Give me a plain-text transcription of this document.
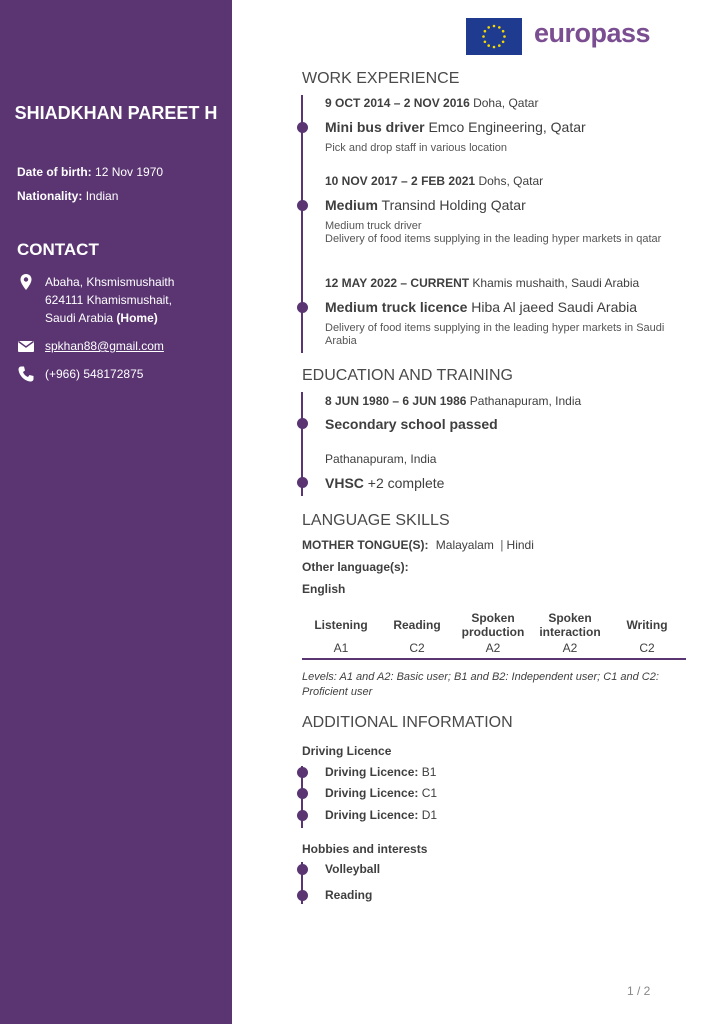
SHIADKHAN PAREET H
Date of birth: 12 Nov 1970
Nationality: Indian
CONTACT
Abaha, Khsmismushaith
624111 Khamismushait,
Saudi Arabia (Home)
spkhan88@gmail.com
(+966) 548172875
europass
WORK EXPERIENCE
9 OCT 2014 – 2 NOV 2016 Doha, Qatar
Mini bus driver Emco Engineering, Qatar
Pick and drop staff in various location
10 NOV 2017 – 2 FEB 2021 Dohs, Qatar
Medium Transind Holding Qatar
Medium truck driver
Delivery of food items supplying in the leading hyper markets in qatar
12 MAY 2022 – CURRENT Khamis mushaith, Saudi Arabia
Medium truck licence Hiba Al jaeed Saudi Arabia
Delivery of food items supplying in the leading hyper markets in Saudi Arabia
EDUCATION AND TRAINING
8 JUN 1980 – 6 JUN 1986 Pathanapuram, India
Secondary school passed
Pathanapuram, India
VHSC +2 complete
LANGUAGE SKILLS
MOTHER TONGUE(S): Malayalam | Hindi
Other language(s):
English
Listening
A1
Reading
C2
Spoken production
A2
Spoken interaction
A2
Writing
C2
Levels: A1 and A2: Basic user; B1 and B2: Independent user; C1 and C2: Proficient user
ADDITIONAL INFORMATION
Driving Licence
Driving Licence: B1
Driving Licence: C1
Driving Licence: D1
Hobbies and interests
Volleyball
Reading
1 / 2
